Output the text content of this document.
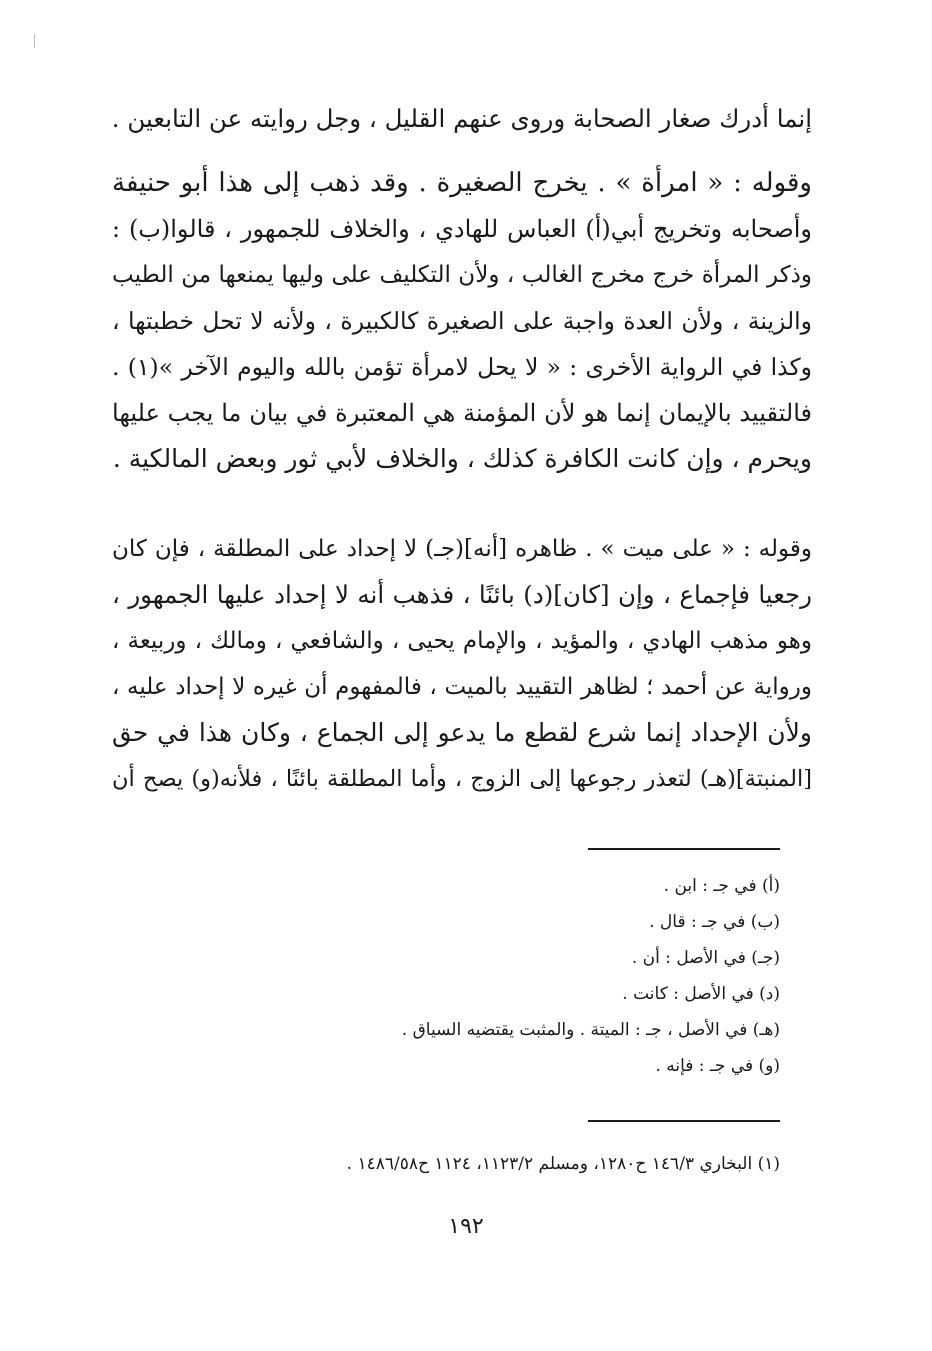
إنما أدرك صغار الصحابة وروى عنهم القليل ، وجل روايته عن التابعين .
وقوله : « امرأة » . يخرج الصغيرة . وقد ذهب إلى هذا أبو حنيفة
وأصحابه وتخريج أبي(أ) العباس للهادي ، والخلاف للجمهور ، قالوا(ب) :
وذكر المرأة خرج مخرج الغالب ، ولأن التكليف على وليها يمنعها من الطيب
والزينة ، ولأن العدة واجبة على الصغيرة كالكبيرة ، ولأنه لا تحل خطبتها ،
وكذا في الرواية الأخرى : « لا يحل لامرأة تؤمن بالله واليوم الآخر »(١) .
فالتقييد بالإيمان إنما هو لأن المؤمنة هي المعتبرة في بيان ما يجب عليها
ويحرم ، وإن كانت الكافرة كذلك ، والخلاف لأبي ثور وبعض المالكية .
وقوله : « على ميت » . ظاهره [أنه](جـ) لا إحداد على المطلقة ، فإن كان
رجعيا فإجماع ، وإن [كان](د) بائنًا ، فذهب أنه لا إحداد عليها الجمهور ،
وهو مذهب الهادي ، والمؤيد ، والإمام يحيى ، والشافعي ، ومالك ، وربيعة ،
ورواية عن أحمد ؛ لظاهر التقييد بالميت ، فالمفهوم أن غيره لا إحداد عليه ،
ولأن الإحداد إنما شرع لقطع ما يدعو إلى الجماع ، وكان هذا في حق
[المنبتة](هـ) لتعذر رجوعها إلى الزوج ، وأما المطلقة بائنًا ، فلأنه(و) يصح أن
(أ) في جـ : ابن .
(ب) في جـ : قال .
(جـ) في الأصل : أن .
(د) في الأصل : كانت .
(هـ) في الأصل ، جـ : الميتة . والمثبت يقتضيه السياق .
(و) في جـ : فإنه .
(١) البخاري ١٤٦/٣ ح١٢٨٠، ومسلم ١١٢٣/٢، ١١٢٤ ح١٤٨٦/٥٨ .
١٩٢
